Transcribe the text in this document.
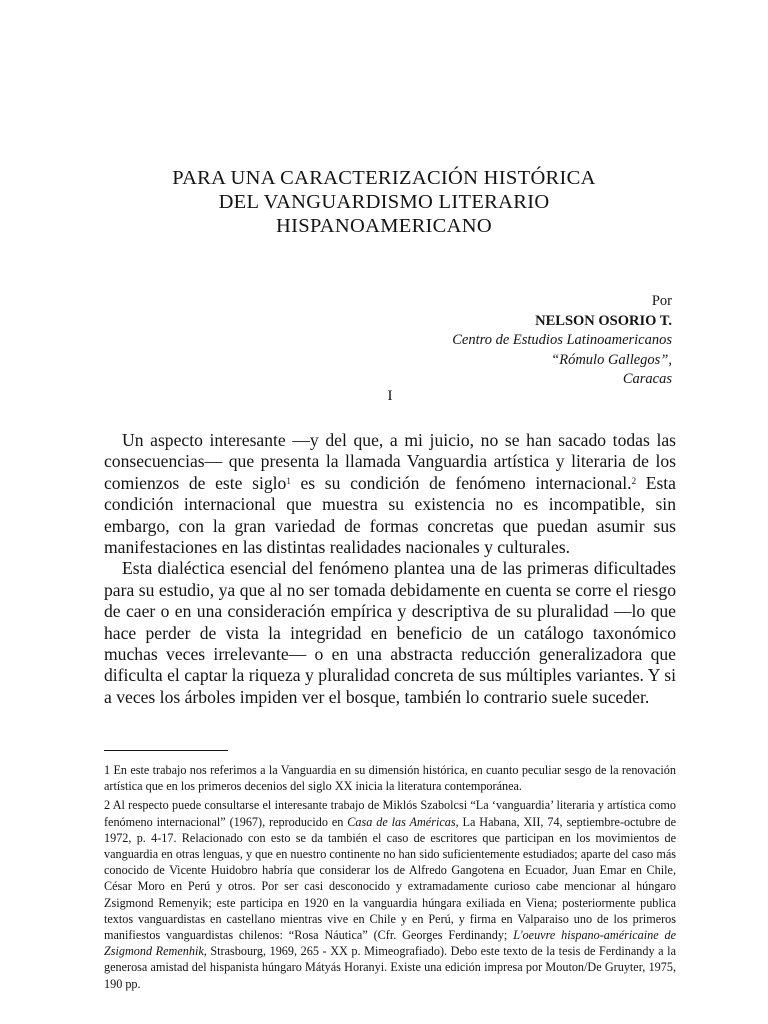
PARA UNA CARACTERIZACIÓN HISTÓRICA
DEL VANGUARDISMO LITERARIO
HISPANOAMERICANO
Por
NELSON OSORIO T.
Centro de Estudios Latinoamericanos
“Rómulo Gallegos”,
Caracas
I

Un aspecto interesante —y del que, a mi juicio, no se han sacado todas las consecuencias— que presenta la llamada Vanguardia artística y literaria de los comienzos de este siglo$^1$ es su condición de fenómeno internacional.$^2$ Esta condición internacional que muestra su existencia no es incompatible, sin embargo, con la gran variedad de formas concretas que puedan asumir sus manifestaciones en las distintas realidades nacionales y culturales.

Esta dialéctica esencial del fenómeno plantea una de las primeras dificultades para su estudio, ya que al no ser tomada debidamente en cuenta se corre el riesgo de caer o en una consideración empírica y descriptiva de su pluralidad —lo que hace perder de vista la integridad en beneficio de un catálogo taxonómico muchas veces irrelevante— o en una abstracta reducción generalizadora que dificulta el captar la riqueza y pluralidad concreta de sus múltiples variantes. Y si a veces los árboles impiden ver el bosque, también lo contrario suele suceder.

1 En este trabajo nos referimos a la Vanguardia en su dimensión histórica, en cuanto peculiar sesgo de la renovación artística que en los primeros decenios del siglo XX inicia la literatura contemporánea.

2 Al respecto puede consultarse el interesante trabajo de Miklós Szabolcsi “La ‘vanguardia’ literaria y artística como fenómeno internacional” (1967), reproducido en Casa de las Américas, La Habana, XII, 74, septiembre-octubre de 1972, p. 4-17. Relacionado con esto se da también el caso de escritores que participan en los movimientos de vanguardia en otras lenguas, y que en nuestro continente no han sido suficientemente estudiados; aparte del caso más conocido de Vicente Huidobro habría que considerar los de Alfredo Gangotena en Ecuador, Juan Emar en Chile, César Moro en Perú y otros. Por ser casi desconocido y extramadamente curioso cabe mencionar al húngaro Zsigmond Remenyik; este participa en 1920 en la vanguardia húngara exiliada en Viena; posteriormente publica textos vanguardistas en castellano mientras vive en Chile y en Perú, y firma en Valparaiso uno de los primeros manifiestos vanguardistas chilenos: “Rosa Náutica” (Cfr. Georges Ferdinandy; L'oeuvre hispano-américaine de Zsigmond Remenhik, Strasbourg, 1969, 265 - XX p. Mimeografiado). Debo este texto de la tesis de Ferdinandy a la generosa amistad del hispanista húngaro Mátyás Horanyi. Existe una edición impresa por Mouton/De Gruyter, 1975, 190 pp.
